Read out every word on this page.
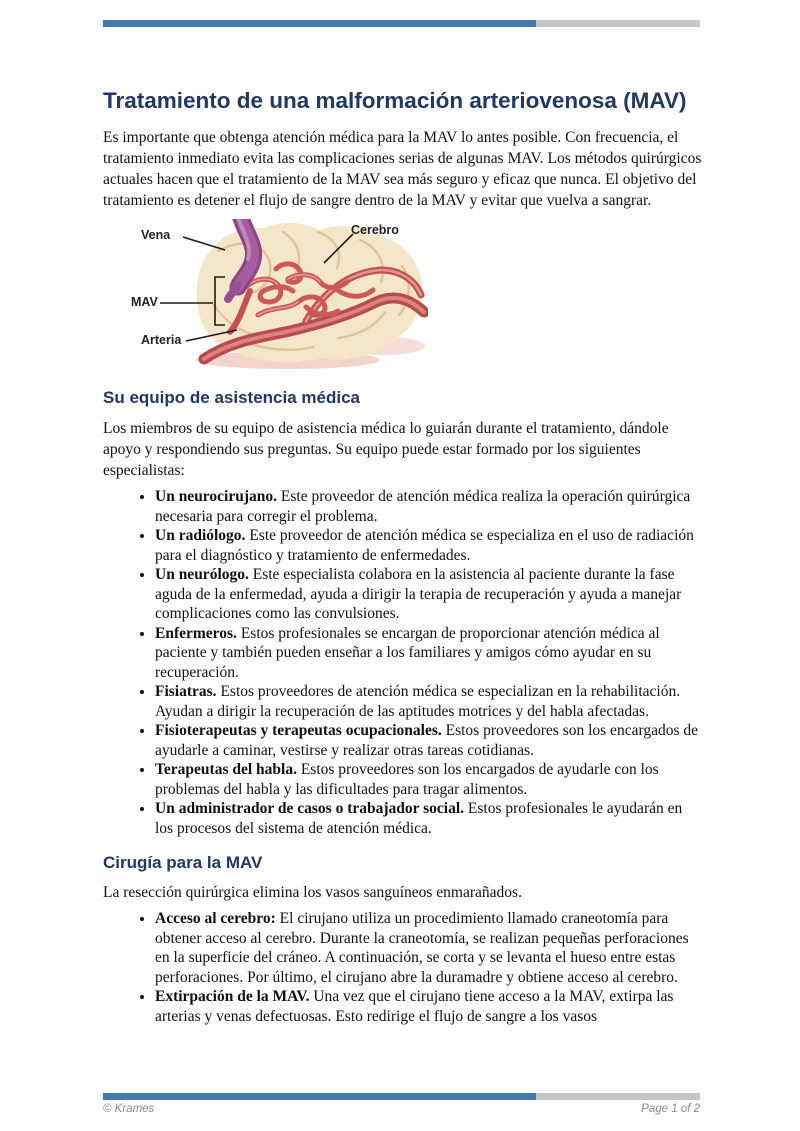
Tratamiento de una malformación arteriovenosa (MAV)

Es importante que obtenga atención médica para la MAV lo antes posible. Con frecuencia, el tratamiento inmediato evita las complicaciones serias de algunas MAV. Los métodos quirúrgicos actuales hacen que el tratamiento de la MAV sea más seguro y eficaz que nunca. El objetivo del tratamiento es detener el flujo de sangre dentro de la MAV y evitar que vuelva a sangrar.

Vena	Cerebro
MAV
Arteria
Su equipo de asistencia médica

Los miembros de su equipo de asistencia médica lo guiarán durante el tratamiento, dándole apoyo y respondiendo sus preguntas. Su equipo puede estar formado por los siguientes especialistas:

• Un neurocirujano. Este proveedor de atención médica realiza la operación quirúrgica necesaria para corregir el problema.
• Un radiólogo. Este proveedor de atención médica se especializa en el uso de radiación para el diagnóstico y tratamiento de enfermedades.
• Un neurólogo. Este especialista colabora en la asistencia al paciente durante la fase aguda de la enfermedad, ayuda a dirigir la terapia de recuperación y ayuda a manejar complicaciones como las convulsiones.
• Enfermeros. Estos profesionales se encargan de proporcionar atención médica al paciente y también pueden enseñar a los familiares y amigos cómo ayudar en su recuperación.
• Fisiatras. Estos proveedores de atención médica se especializan en la rehabilitación. Ayudan a dirigir la recuperación de las aptitudes motrices y del habla afectadas.
• Fisioterapeutas y terapeutas ocupacionales. Estos proveedores son los encargados de ayudarle a caminar, vestirse y realizar otras tareas cotidianas.
• Terapeutas del habla. Estos proveedores son los encargados de ayudarle con los problemas del habla y las dificultades para tragar alimentos.
• Un administrador de casos o trabajador social. Estos profesionales le ayudarán en los procesos del sistema de atención médica.
Cirugía para la MAV

La resección quirúrgica elimina los vasos sanguíneos enmarañados.

• Acceso al cerebro: El cirujano utiliza un procedimiento llamado craneotomía para obtener acceso al cerebro. Durante la craneotomía, se realizan pequeñas perforaciones en la superficie del cráneo. A continuación, se corta y se levanta el hueso entre estas perforaciones. Por último, el cirujano abre la duramadre y obtiene acceso al cerebro.
• Extirpación de la MAV. Una vez que el cirujano tiene acceso a la MAV, extirpa las arterias y venas defectuosas. Esto redirige el flujo de sangre a los vasos
© Krames	Page 1 of 2
